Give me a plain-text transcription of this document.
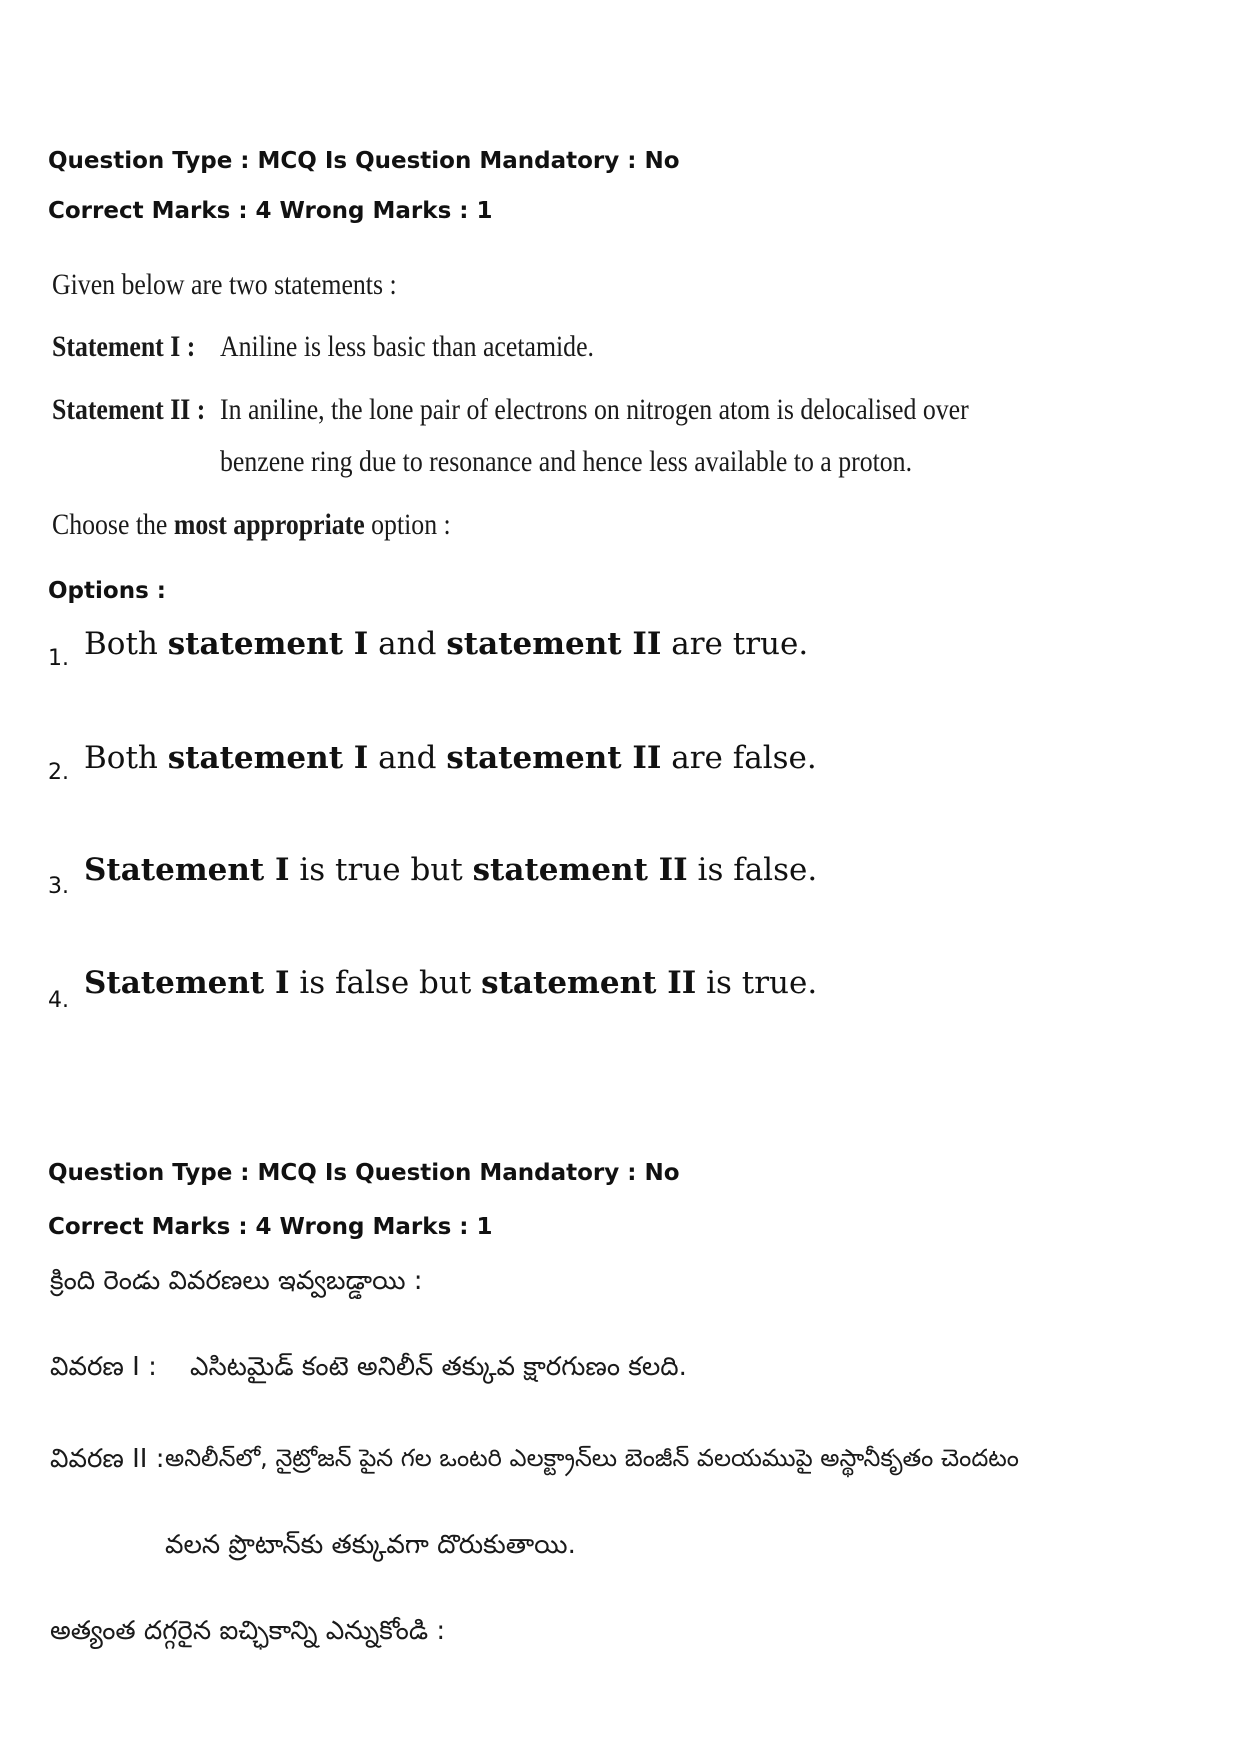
Question Type : MCQ Is Question Mandatory : No
Correct Marks : 4 Wrong Marks : 1
Given below are two statements :
Statement I : Aniline is less basic than acetamide.
Statement II : In aniline, the lone pair of electrons on nitrogen atom is delocalised over
benzene ring due to resonance and hence less available to a proton.
Choose the most appropriate option :
Options :
1. Both statement I and statement II are true.
2. Both statement I and statement II are false.
3. Statement I is true but statement II is false.
4. Statement I is false but statement II is true.
Question Type : MCQ Is Question Mandatory : No
Correct Marks : 4 Wrong Marks : 1
క్రింది రెండు వివరణలు ఇవ్వబడ్డాయి :
వివరణ I : ఎసిటమైడ్ కంటె అనిలీన్ తక్కువ క్షారగుణం కలది.
వివరణ II : అనిలీన్‌లో, నైట్రోజన్ పైన గల ఒంటరి ఎలక్ట్రాన్‌లు బెంజీన్ వలయముపై అస్థానీకృతం చెందటం
వలన ప్రొటాన్‌కు తక్కువగా దొరుకుతాయి.
అత్యంత దగ్గరైన ఐచ్ఛికాన్ని ఎన్నుకోండి :
